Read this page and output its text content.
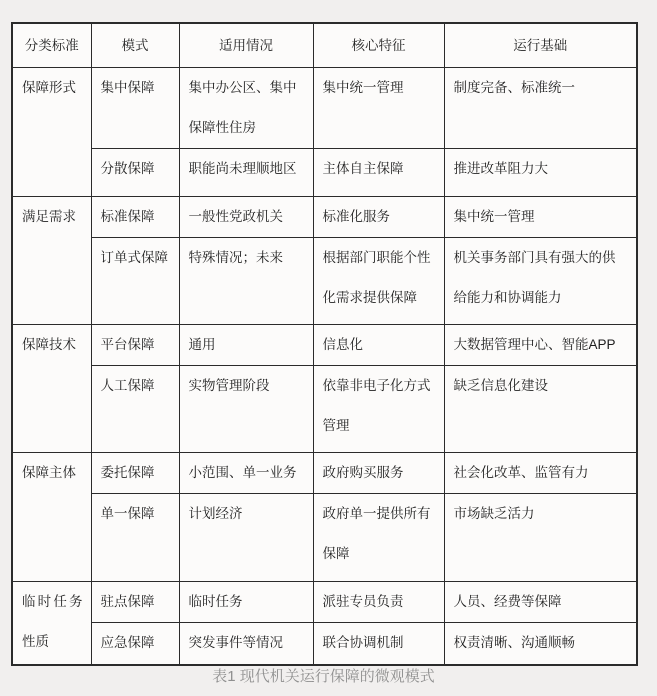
分类标准	模式	适用情况	核心特征	运行基础
保障形式	集中保障	集中办公区、集中保障性住房	集中统一管理	制度完备、标准统一
	分散保障	职能尚未理顺地区	主体自主保障	推进改革阻力大
满足需求	标准保障	一般性党政机关	标准化服务	集中统一管理
	订单式保障	特殊情况；未来	根据部门职能个性化需求提供保障	机关事务部门具有强大的供给能力和协调能力
保障技术	平台保障	通用	信息化	大数据管理中心、智能APP
	人工保障	实物管理阶段	依靠非电子化方式管理	缺乏信息化建设
保障主体	委托保障	小范围、单一业务	政府购买服务	社会化改革、监管有力
	单一保障	计划经济	政府单一提供所有保障	市场缺乏活力
临时任务性质	驻点保障	临时任务	派驻专员负责	人员、经费等保障
	应急保障	突发事件等情况	联合协调机制	权责清晰、沟通顺畅
表1 现代机关运行保障的微观模式
